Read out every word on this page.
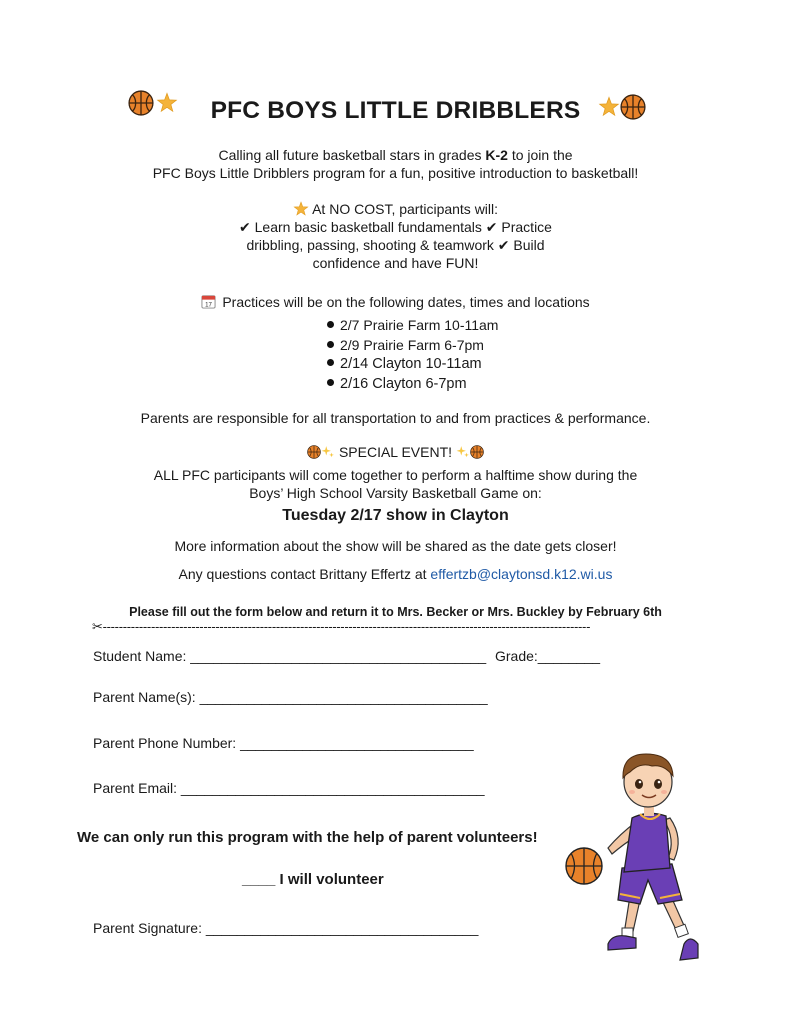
PFC BOYS LITTLE DRIBBLERS
Calling all future basketball stars in grades K-2 to join the
PFC Boys Little Dribblers program for a fun, positive introduction to basketball!
At NO COST, participants will:
✔ Learn basic basketball fundamentals ✔ Practice
dribbling, passing, shooting & teamwork ✔ Build
confidence and have FUN!
17 Practices will be on the following dates, times and locations
2/7 Prairie Farm 10-11am
2/9 Prairie Farm 6-7pm
2/14 Clayton 10-11am
2/16 Clayton 6-7pm
Parents are responsible for all transportation to and from practices & performance.
SPECIAL EVENT!
ALL PFC participants will come together to perform a halftime show during the
Boys’ High School Varsity Basketball Game on:
Tuesday 2/17 show in Clayton
More information about the show will be shared as the date gets closer!
Any questions contact Brittany Effertz at effertzb@claytonsd.k12.wi.us
Please fill out the form below and return it to Mrs. Becker or Mrs. Buckley by February 6th
✂-------------------------------------------------------------------------------------------------------------------------
Student Name: ______________________________________ Grade:________
Parent Name(s): _____________________________________
Parent Phone Number: ______________________________
Parent Email: _______________________________________
We can only run this program with the help of parent volunteers!
____ I will volunteer
Parent Signature: ___________________________________
